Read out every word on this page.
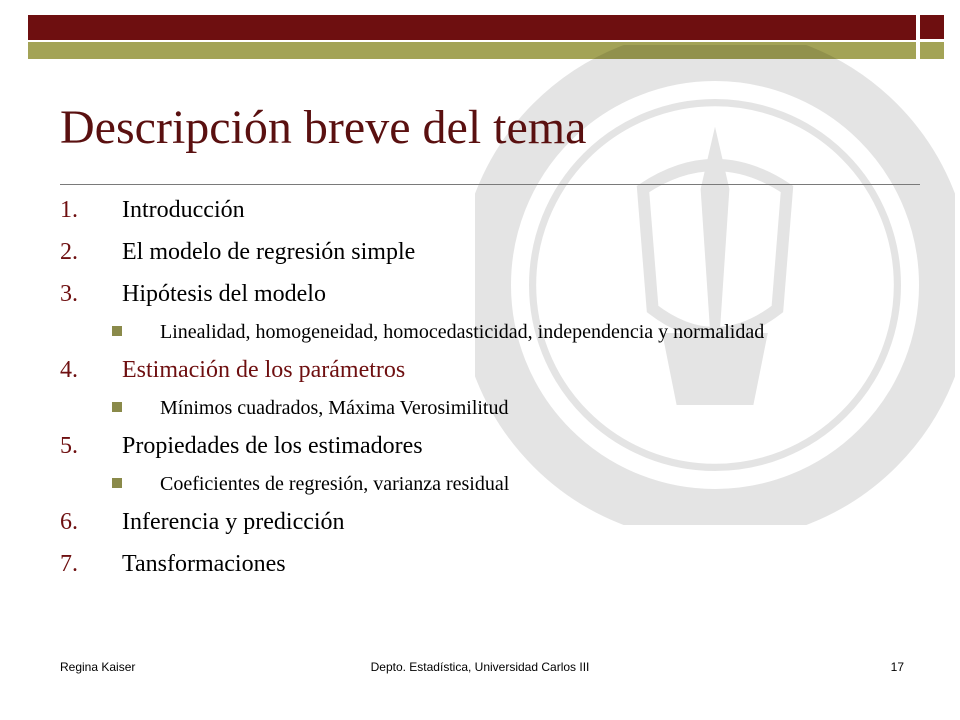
Descripción breve del tema
1. Introducción
2. El modelo de regresión simple
3. Hipótesis del modelo
Linealidad, homogeneidad, homocedasticidad, independencia y normalidad
4. Estimación de los parámetros
Mínimos cuadrados, Máxima Verosimilitud
5. Propiedades de los estimadores
Coeficientes de regresión, varianza residual
6. Inferencia y predicción
7. Tansformaciones
Regina Kaiser	Depto. Estadística, Universidad Carlos III	17
